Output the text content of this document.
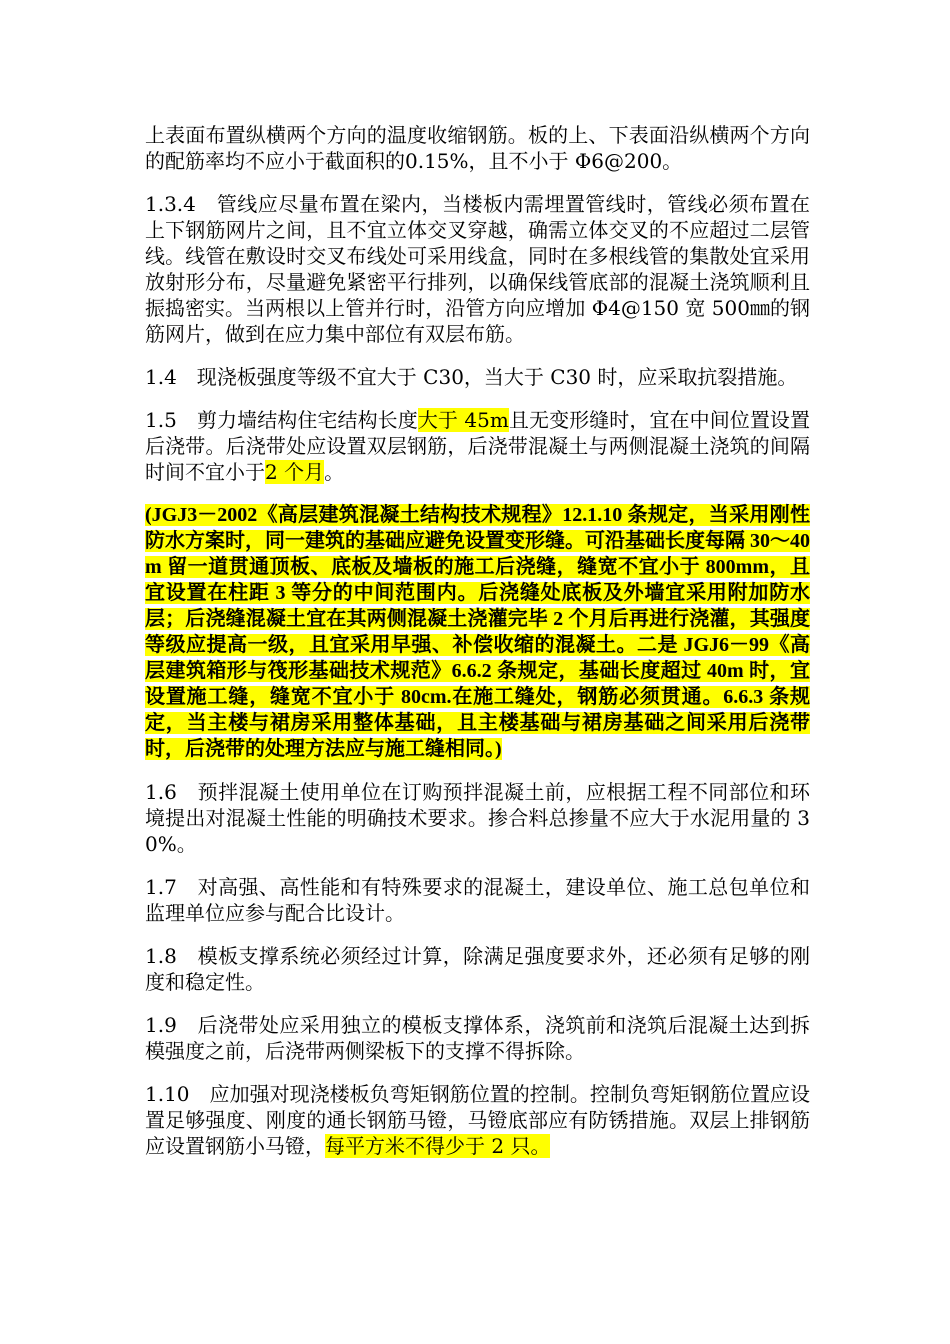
上表面布置纵横两个方向的温度收缩钢筋。板的上、下表面沿纵横两个方向的配筋率均不应小于截面积的0.15%，且不小于 Φ6@200。

1.3.4　管线应尽量布置在梁内，当楼板内需埋置管线时，管线必须布置在上下钢筋网片之间，且不宜立体交叉穿越，确需立体交叉的不应超过二层管线。线管在敷设时交叉布线处可采用线盒，同时在多根线管的集散处宜采用放射形分布，尽量避免紧密平行排列，以确保线管底部的混凝土浇筑顺利且振捣密实。当两根以上管并行时，沿管方向应增加 Φ4@150 宽 500㎜的钢筋网片，做到在应力集中部位有双层布筋。

1.4　现浇板强度等级不宜大于 C30，当大于 C30 时，应采取抗裂措施。

1.5　剪力墙结构住宅结构长度大于 45m且无变形缝时，宜在中间位置设置后浇带。后浇带处应设置双层钢筋，后浇带混凝土与两侧混凝土浇筑的间隔时间不宜小于2 个月。

(JGJ3－2002《高层建筑混凝土结构技术规程》12.1.10 条规定，当采用刚性防水方案时，同一建筑的基础应避免设置变形缝。可沿基础长度每隔 30～40m 留一道贯通顶板、底板及墙板的施工后浇缝，缝宽不宜小于 800mm，且宜设置在柱距 3 等分的中间范围内。后浇缝处底板及外墙宜采用附加防水层；后浇缝混凝土宜在其两侧混凝土浇灌完毕 2 个月后再进行浇灌，其强度等级应提高一级，且宜采用早强、补偿收缩的混凝土。二是 JGJ6－99《高层建筑箱形与筏形基础技术规范》6.6.2 条规定，基础长度超过 40m 时，宜设置施工缝，缝宽不宜小于 80cm.在施工缝处，钢筋必须贯通。6.6.3 条规定，当主楼与裙房采用整体基础，且主楼基础与裙房基础之间采用后浇带时，后浇带的处理方法应与施工缝相同。)

1.6　预拌混凝土使用单位在订购预拌混凝土前，应根据工程不同部位和环境提出对混凝土性能的明确技术要求。掺合料总掺量不应大于水泥用量的 30%。

1.7　对高强、高性能和有特殊要求的混凝土，建设单位、施工总包单位和监理单位应参与配合比设计。

1.8　模板支撑系统必须经过计算，除满足强度要求外，还必须有足够的刚度和稳定性。

1.9　后浇带处应采用独立的模板支撑体系，浇筑前和浇筑后混凝土达到拆模强度之前，后浇带两侧梁板下的支撑不得拆除。

1.10　应加强对现浇楼板负弯矩钢筋位置的控制。控制负弯矩钢筋位置应设置足够强度、刚度的通长钢筋马镫，马镫底部应有防锈措施。双层上排钢筋应设置钢筋小马镫，每平方米不得少于 2 只。
